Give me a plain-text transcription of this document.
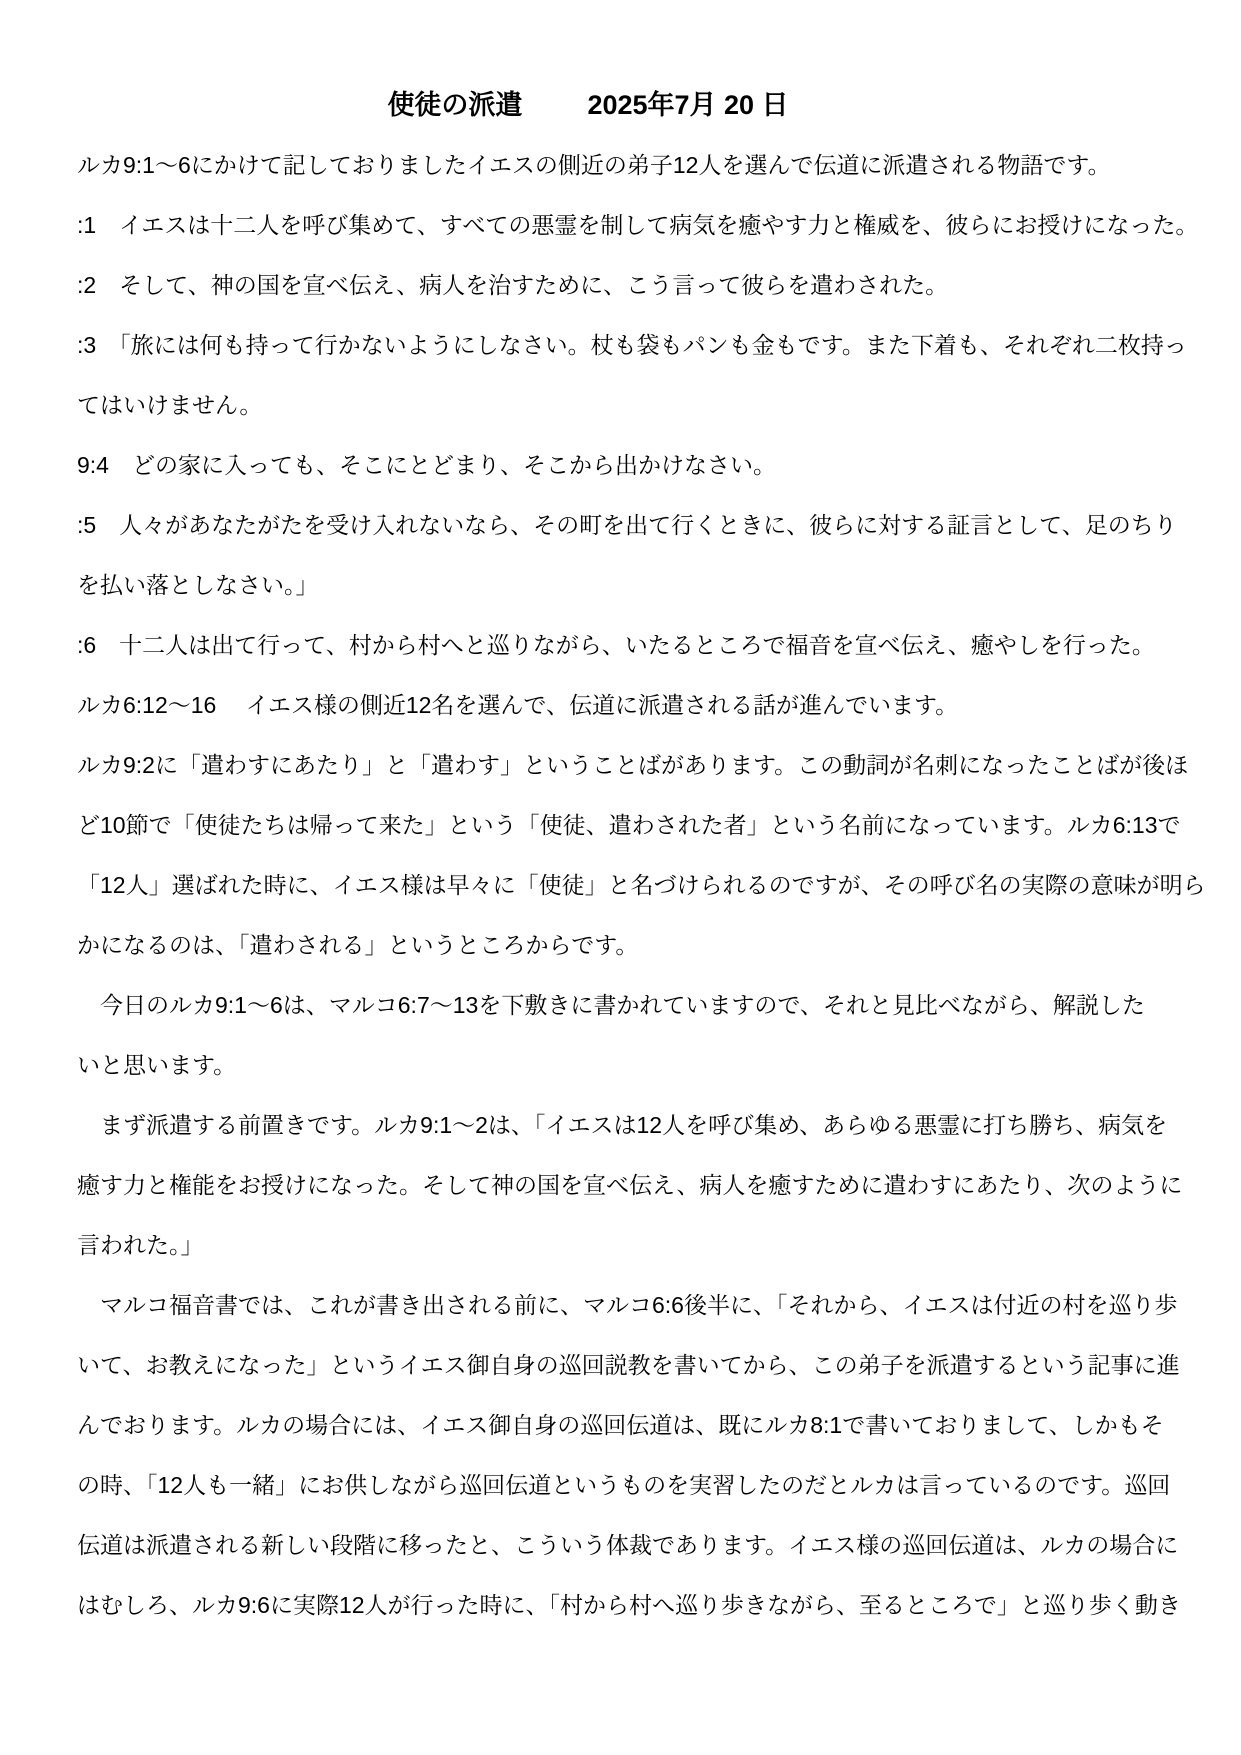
使徒の派遣 2025年7月 20 日
ルカ9:1～6にかけて記しておりましたイエスの側近の弟子12人を選んで伝道に派遣される物語です。
:1　イエスは十二人を呼び集めて、すべての悪霊を制して病気を癒やす力と権威を、彼らにお授けになった。
:2　そして、神の国を宣べ伝え、病人を治すために、こう言って彼らを遣わされた。
:3　「旅には何も持って行かないようにしなさい。杖も袋もパンも金もです。また下着も、それぞれ二枚持っ
てはいけません。
9:4　どの家に入っても、そこにとどまり、そこから出かけなさい。
:5　人々があなたがたを受け入れないなら、その町を出て行くときに、彼らに対する証言として、足のちり
を払い落としなさい。」
:6　十二人は出て行って、村から村へと巡りながら、いたるところで福音を宣べ伝え、癒やしを行った。
ルカ6:12～16　 イエス様の側近12名を選んで、伝道に派遣される話が進んでいます。
ルカ9:2に「遣わすにあたり」と「遣わす」ということばがあります。この動詞が名刺になったことばが後ほ
ど10節で「使徒たちは帰って来た」という「使徒、遣わされた者」という名前になっています。ルカ6:13で
「12人」選ばれた時に、イエス様は早々に「使徒」と名づけられるのですが、その呼び名の実際の意味が明ら
かになるのは、「遣わされる」というところからです。
　今日のルカ9:1～6は、マルコ6:7～13を下敷きに書かれていますので、それと見比べながら、解説した
いと思います。
　まず派遣する前置きです。ルカ9:1～2は、「イエスは12人を呼び集め、あらゆる悪霊に打ち勝ち、病気を
癒す力と権能をお授けになった。そして神の国を宣べ伝え、病人を癒すために遣わすにあたり、次のように
言われた。」
　マルコ福音書では、これが書き出される前に、マルコ6:6後半に、「それから、イエスは付近の村を巡り歩
いて、お教えになった」というイエス御自身の巡回説教を書いてから、この弟子を派遣するという記事に進
んでおります。ルカの場合には、イエス御自身の巡回伝道は、既にルカ8:1で書いておりまして、しかもそ
の時、「12人も一緒」にお供しながら巡回伝道というものを実習したのだとルカは言っているのです。巡回
伝道は派遣される新しい段階に移ったと、こういう体裁であります。イエス様の巡回伝道は、ルカの場合に
はむしろ、ルカ9:6に実際12人が行った時に、「村から村へ巡り歩きながら、至るところで」と巡り歩く動き
